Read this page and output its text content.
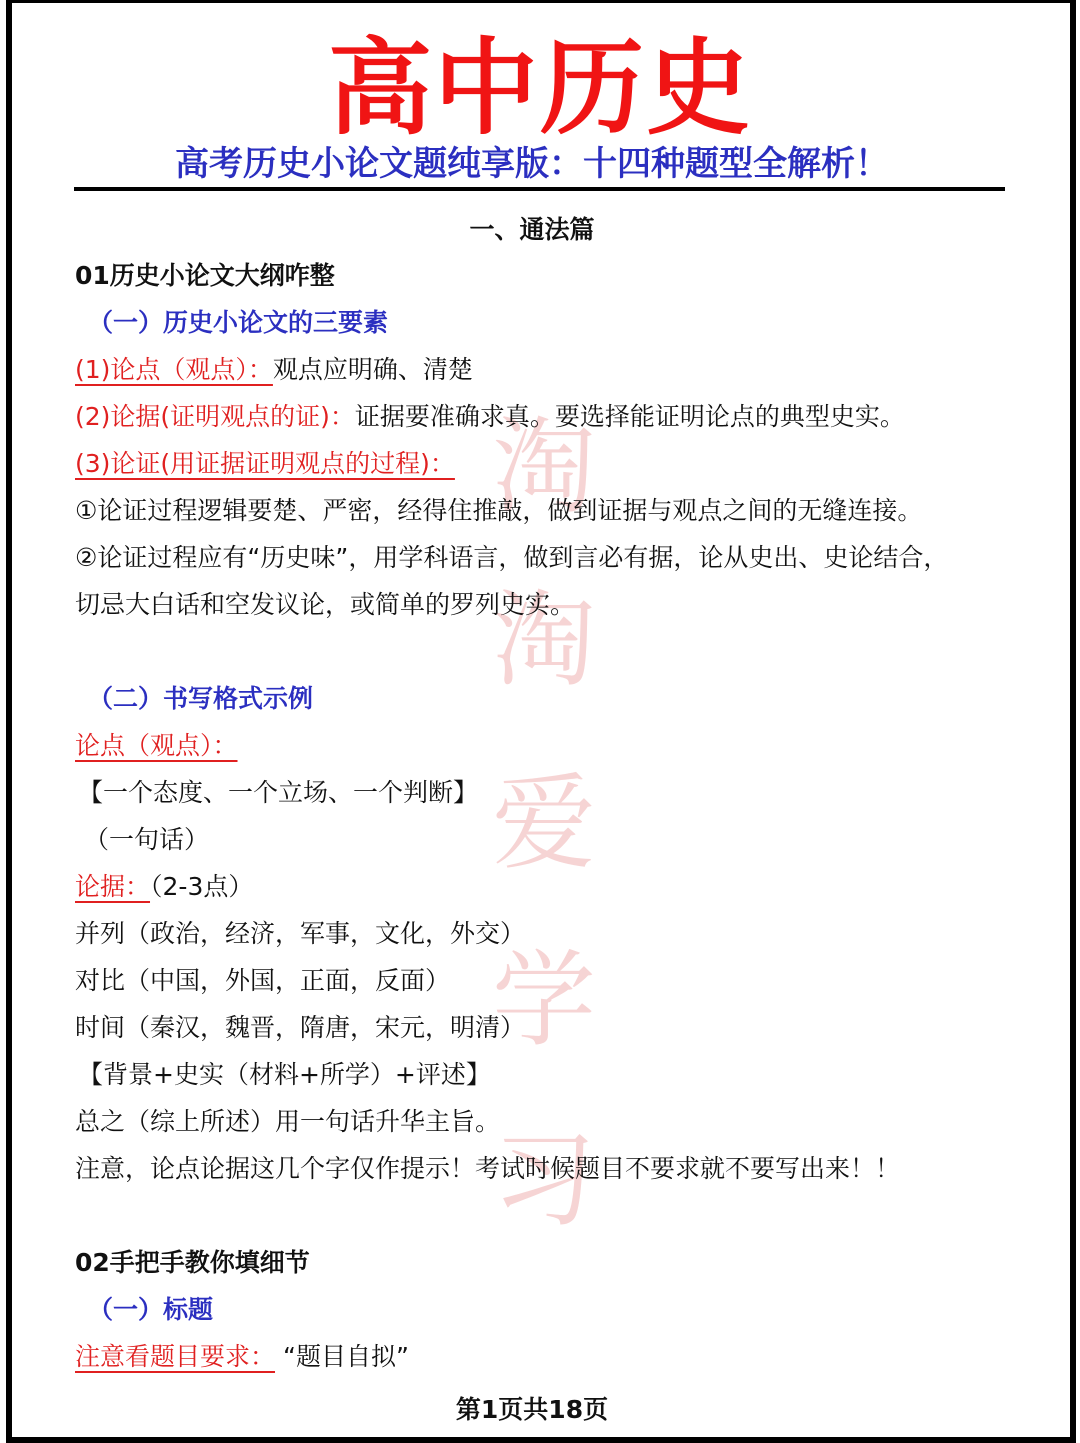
淘
淘
爱
学
习
高中历史
高考历史小论文题纯享版：十四种题型全解析！
一、通法篇
01历史小论文大纲咋整
（一）历史小论文的三要素
(1)论点（观点）：观点应明确、清楚
(2)论据(证明观点的证)：证据要准确求真。要选择能证明论点的典型史实。
(3)论证(用证据证明观点的过程)：
①论证过程逻辑要楚、严密，经得住推敲，做到证据与观点之间的无缝连接。
②论证过程应有“历史味”，用学科语言，做到言必有据，论从史出、史论结合，
切忌大白话和空发议论，或简单的罗列史实。
（二）书写格式示例
论点（观点）：
【一个态度、一个立场、一个判断】
（一句话）
论据：（2-3点）
并列（政治，经济，军事，文化，外交）
对比（中国，外国，正面，反面）
时间（秦汉，魏晋，隋唐，宋元，明清）
【背景+史实（材料+所学）+评述】
总之（综上所述）用一句话升华主旨。
注意，论点论据这几个字仅作提示！考试时候题目不要求就不要写出来！！
02手把手教你填细节
（一）标题
注意看题目要求： “题目自拟”
第1页共18页
